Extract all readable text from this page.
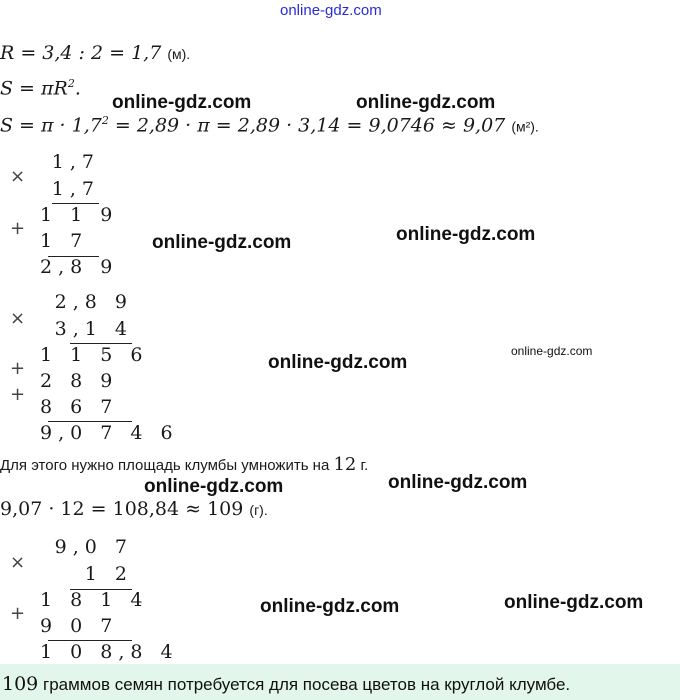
online-gdz.com
R = 3,4 : 2 = 1,7 (м).
$S = \pi R^2$.
$S = \pi \cdot 1,7^2 = 2,89 \cdot \pi = 2,89 \cdot 3,14 = 9,0746 \approx 9,07$ (м²).
×
1,7
1,7
1 1 9
+
1 7
2,8 9
×
2,8 9
3,1 4
1 1 5 6
+
2 8 9
+
8 6 7
9,0 7 4 6
Для этого нужно площадь клумбы умножить на 12 г.
9,07 · 12 = 108,84 ≈ 109 (г).
×
9,0 7
1 2
1 8 1 4
+
9 0 7
1 0 8,8 4
109 граммов семян потребуется для посева цветов на круглой клумбе.
online-gdz.com	online-gdz.com
online-gdz.com	online-gdz.com
online-gdz.com
online-gdz.com
online-gdz.com	online-gdz.com
online-gdz.com	online-gdz.com
